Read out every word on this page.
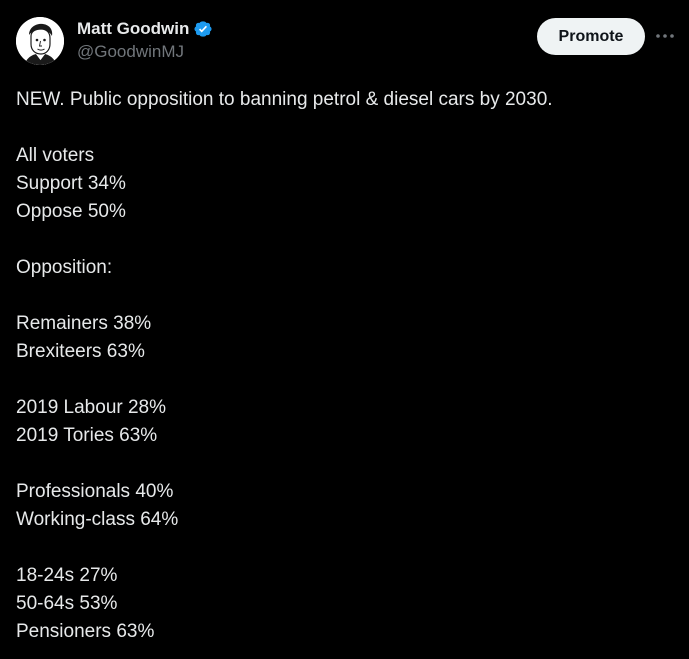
Matt Goodwin
@GoodwinMJ
Promote
NEW. Public opposition to banning petrol & diesel cars by 2030.
All voters
Support 34%
Oppose 50%
Opposition:
Remainers 38%
Brexiteers 63%
2019 Labour 28%
2019 Tories 63%
Professionals 40%
Working-class 64%
18-24s 27%
50-64s 53%
Pensioners 63%
